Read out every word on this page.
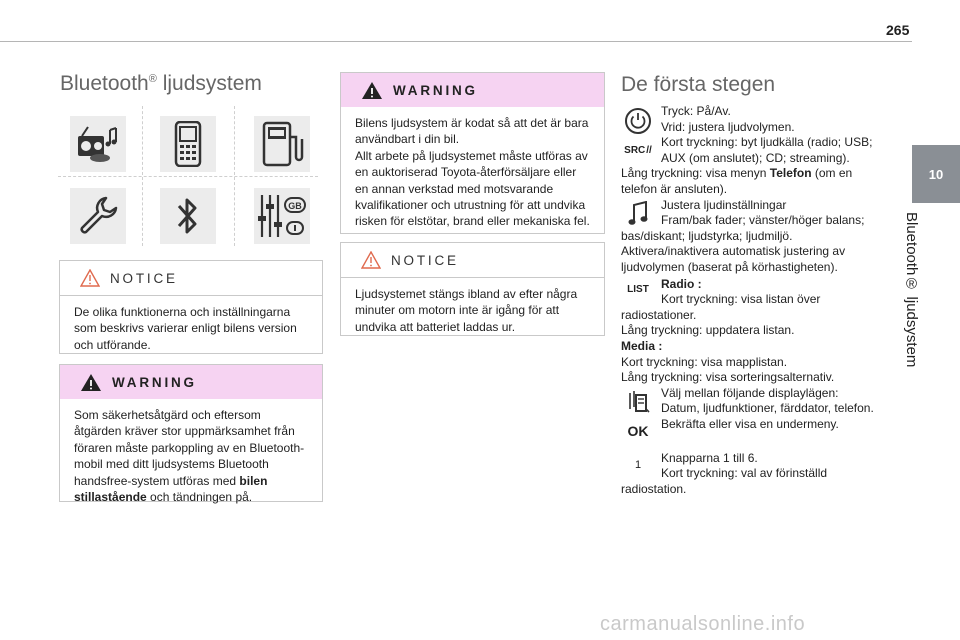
265
10
Bluetooth® ljudsystem
Bluetooth® ljudsystem
GB
NOTICE
De olika funktionerna och inställningarna som beskrivs varierar enligt bilens version och utförande.
WARNING
Som säkerhetsåtgärd och eftersom åtgärden kräver stor uppmärksamhet från föraren måste parkoppling av en Bluetooth-mobil med ditt ljudsystems Bluetooth handsfree-system utföras med bilen stillastående och tändningen på.
WARNING
Bilens ljudsystem är kodat så att det är bara användbart i din bil.
Allt arbete på ljudsystemet måste utföras av en auktoriserad Toyota-återförsäljare eller en annan verkstad med motsvarande kvalifikationer och utrustning för att undvika risken för elstötar, brand eller mekaniska fel.
NOTICE
Ljudsystemet stängs ibland av efter några minuter om motorn inte är igång för att undvika att batteriet laddas ur.
De första stegen
Tryck: På/Av.
Vrid: justera ljudvolymen.
SRC //
Kort tryckning: byt ljudkälla (radio; USB; AUX (om anslutet); CD; streaming).
Lång tryckning: visa menyn Telefon (om en telefon är ansluten).
Justera ljudinställningar
Fram/bak fader; vänster/höger balans; bas/diskant; ljudstyrka; ljudmiljö.
Aktivera/inaktivera automatisk justering av ljudvolymen (baserat på körhastigheten).
LIST	Radio :
Kort tryckning: visa listan över radiostationer.
Lång tryckning: uppdatera listan.
Media :
Kort tryckning: visa mapplistan.
Lång tryckning: visa sorteringsalternativ.
Välj mellan följande displaylägen:
Datum, ljudfunktioner, färddator, telefon.
OK	Bekräfta eller visa en undermeny.
1
Knapparna 1 till 6.
Kort tryckning: val av förinställd radiostation.
carmanualsonline.info
